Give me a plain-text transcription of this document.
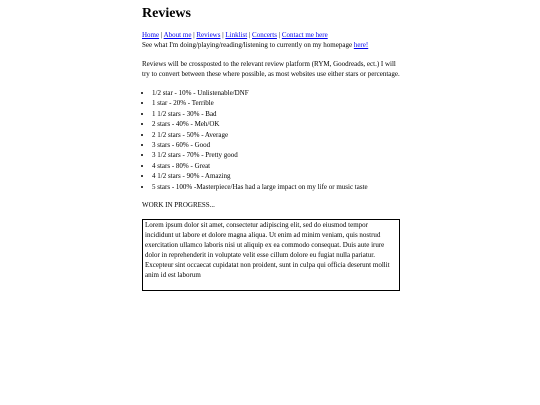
Reviews
Home | About me | Reviews | Linklist | Concerts | Contact me here
See what I'm doing/playing/reading/listening to currently on my homepage here!

Reviews will be crossposted to the relevant review platform (RYM, Goodreads, ect.) I will try to convert between these where possible, as most websites use either stars or percentage.

• 1/2 star - 10% - Unlistenable/DNF
• 1 star - 20% - Terrible
• 1 1/2 stars - 30% - Bad
• 2 stars - 40% - Meh/OK
• 2 1/2 stars - 50% - Average
• 3 stars - 60% - Good
• 3 1/2 stars - 70% - Pretty good
• 4 stars - 80% - Great
• 4 1/2 stars - 90% - Amazing
• 5 stars - 100% -Masterpiece/Has had a large impact on my life or music taste
WORK IN PROGRESS...
Lorem ipsum dolor sit amet, consectetur adipiscing elit, sed do eiusmod tempor incididunt ut labore et dolore magna aliqua. Ut enim ad minim veniam, quis nostrud exercitation ullamco laboris nisi ut aliquip ex ea commodo consequat. Duis aute irure dolor in reprehenderit in voluptate velit esse cillum dolore eu fugiat nulla pariatur. Excepteur sint occaecat cupidatat non proident, sunt in culpa qui officia deserunt mollit anim id est laborum
